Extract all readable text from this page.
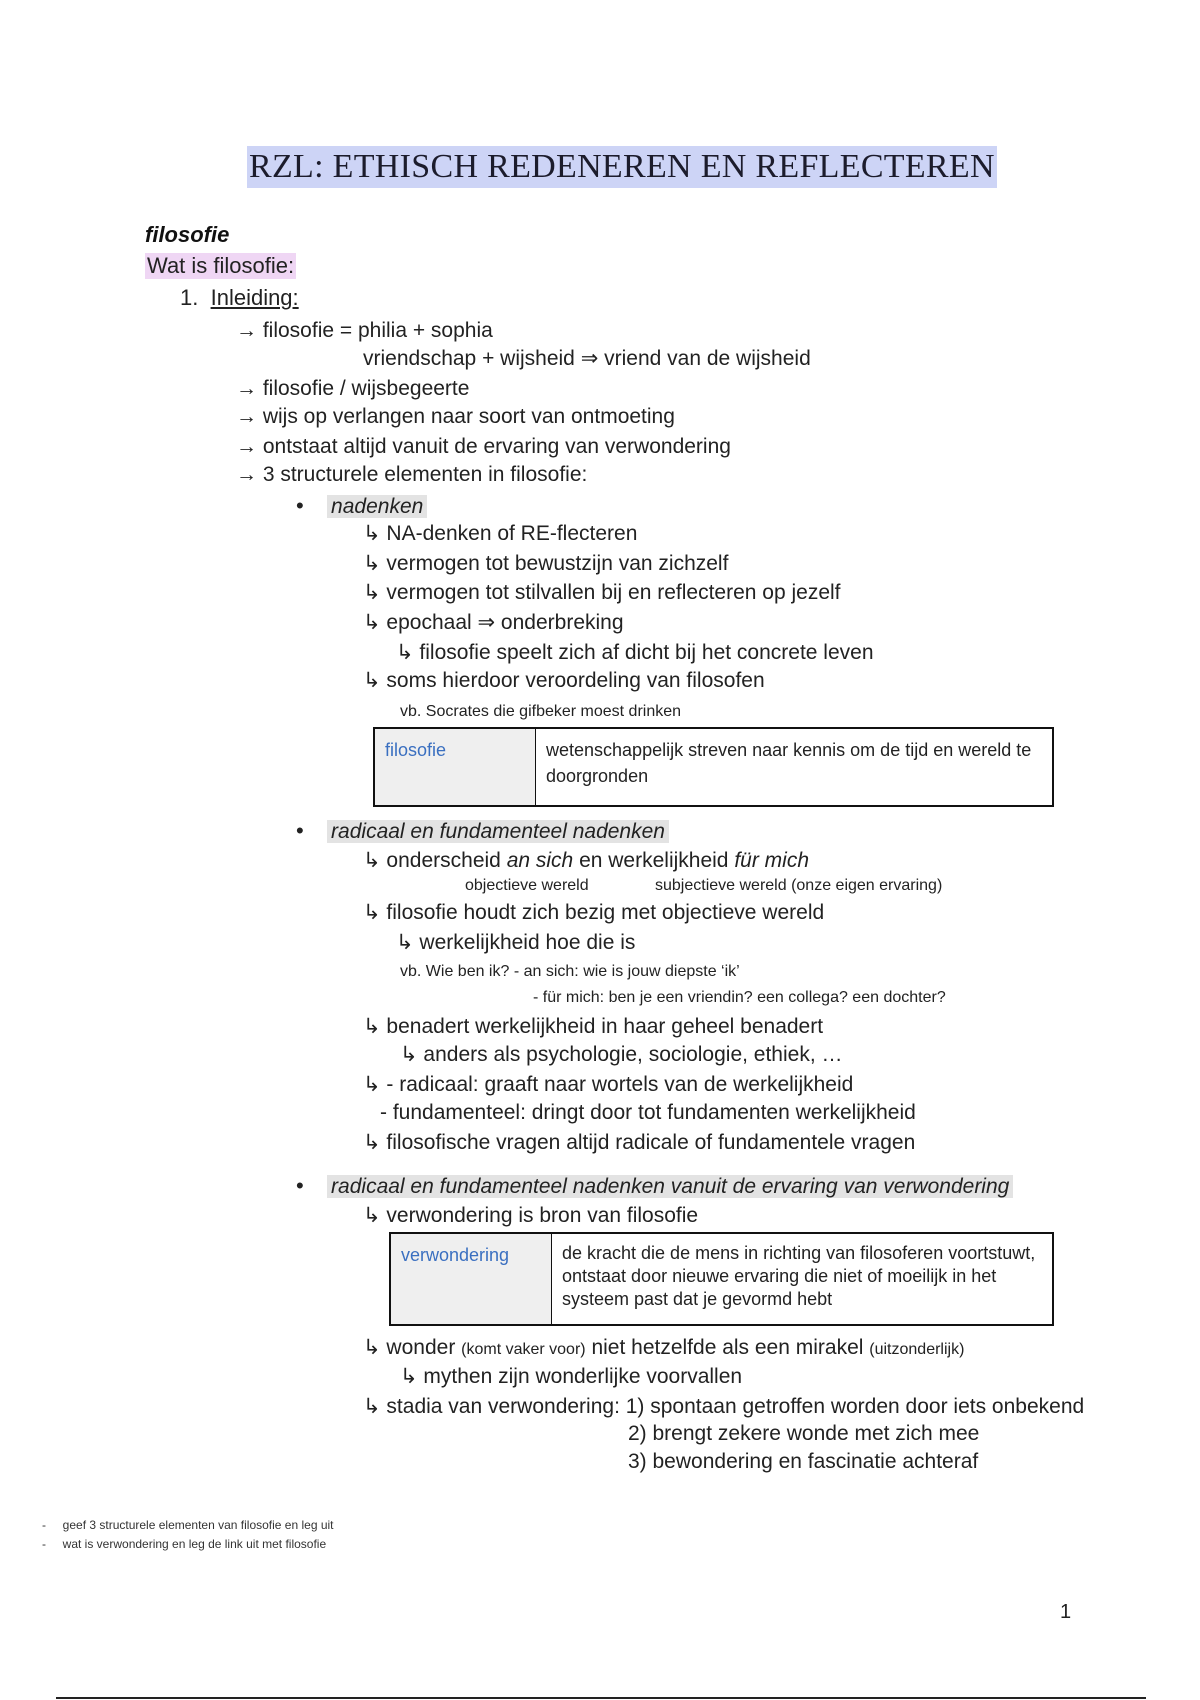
RZL: ETHISCH REDENEREN EN REFLECTEREN
filosofie
Wat is filosofie:
1. Inleiding:
→ filosofie = philia + sophia
vriendschap + wijsheid ⇒ vriend van de wijsheid
→ filosofie / wijsbegeerte
→ wijs op verlangen naar soort van ontmoeting
→ ontstaat altijd vanuit de ervaring van verwondering
→ 3 structurele elementen in filosofie:
• nadenken
↳ NA-denken of RE-flecteren
↳ vermogen tot bewustzijn van zichzelf
↳ vermogen tot stilvallen bij en reflecteren op jezelf
↳ epochaal ⇒ onderbreking
↳ filosofie speelt zich af dicht bij het concrete leven
↳ soms hierdoor veroordeling van filosofen
vb. Socrates die gifbeker moest drinken
filosofie	wetenschappelijk streven naar kennis om de tijd en wereld te doorgronden
• radicaal en fundamenteel nadenken
↳ onderscheid an sich en werkelijkheid für mich
objectieve wereld	subjectieve wereld (onze eigen ervaring)
↳ filosofie houdt zich bezig met objectieve wereld
↳ werkelijkheid hoe die is
vb. Wie ben ik? - an sich: wie is jouw diepste ‘ik’
- für mich: ben je een vriendin? een collega? een dochter?
↳ benadert werkelijkheid in haar geheel benadert
↳ anders als psychologie, sociologie, ethiek, …
↳ - radicaal: graaft naar wortels van de werkelijkheid
- fundamenteel: dringt door tot fundamenten werkelijkheid
↳ filosofische vragen altijd radicale of fundamentele vragen
• radicaal en fundamenteel nadenken vanuit de ervaring van verwondering
↳ verwondering is bron van filosofie
verwondering	de kracht die de mens in richting van filosoferen voortstuwt, ontstaat door nieuwe ervaring die niet of moeilijk in het systeem past dat je gevormd hebt
↳ wonder (komt vaker voor) niet hetzelfde als een mirakel (uitzonderlijk)
↳ mythen zijn wonderlijke voorvallen
↳ stadia van verwondering: 1) spontaan getroffen worden door iets onbekend
2) brengt zekere wonde met zich mee
3) bewondering en fascinatie achteraf
- geef 3 structurele elementen van filosofie en leg uit
- wat is verwondering en leg de link uit met filosofie
1
